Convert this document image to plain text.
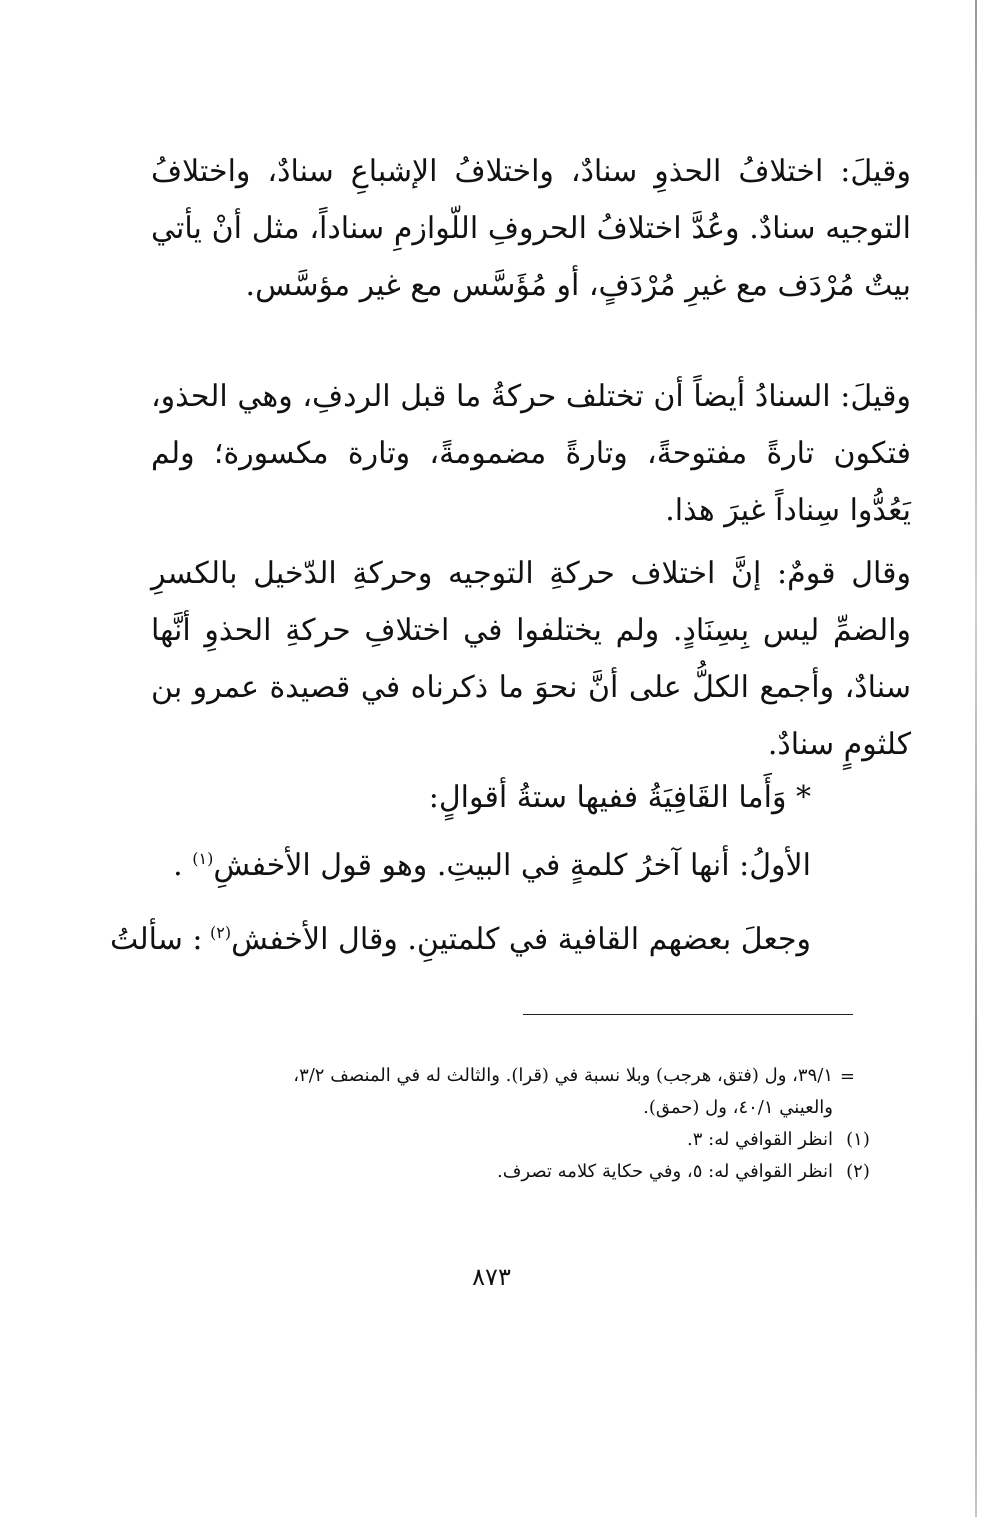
وقيلَ: اختلافُ الحذوِ سنادٌ، واختلافُ الإشباعِ سنادٌ، واختلافُ التوجيه سنادٌ. وعُدَّ اختلافُ الحروفِ اللّوازمِ سناداً، مثل أنْ يأتي بيتٌ مُرْدَف مع غيرِ مُرْدَفٍ، أو مُؤَسَّس مع غير مؤسَّس.

وقيلَ: السنادُ أيضاً أن تختلف حركةُ ما قبل الردفِ، وهي الحذو، فتكون تارةً مفتوحةً، وتارةً مضمومةً، وتارة مكسورة؛ ولم يَعُدُّوا سِناداً غيرَ هذا.

وقال قومٌ: إنَّ اختلاف حركةِ التوجيه وحركةِ الدّخيل بالكسرِ والضمِّ ليس بِسِنَادٍ. ولم يختلفوا في اختلافِ حركةِ الحذوِ أنَّها سنادٌ، وأجمع الكلُّ على أنَّ نحوَ ما ذكرناه في قصيدة عمرو بن كلثومٍ سنادٌ.

* وَأَما القَافِيَةُ ففيها ستةُ أقوالٍ:
الأولُ: أنها آخرُ كلمةٍ في البيتِ. وهو قول الأخفشِ$^{(١)}$ .
وجعلَ بعضهم القافية في كلمتينِ. وقال الأخفش$^{(٢)}$
: سألتُ
=
٣٩/١، ول (فتق، هرجب) وبلا نسبة في (قرا). والثالث له في المنصف ٣/٢،
والعيني ٤٠/١، ول (حمق).
(١)
انظر القوافي له: ٣.
(٢)
انظر القوافي له: ٥، وفي حكاية كلامه تصرف.
٨٧٣
